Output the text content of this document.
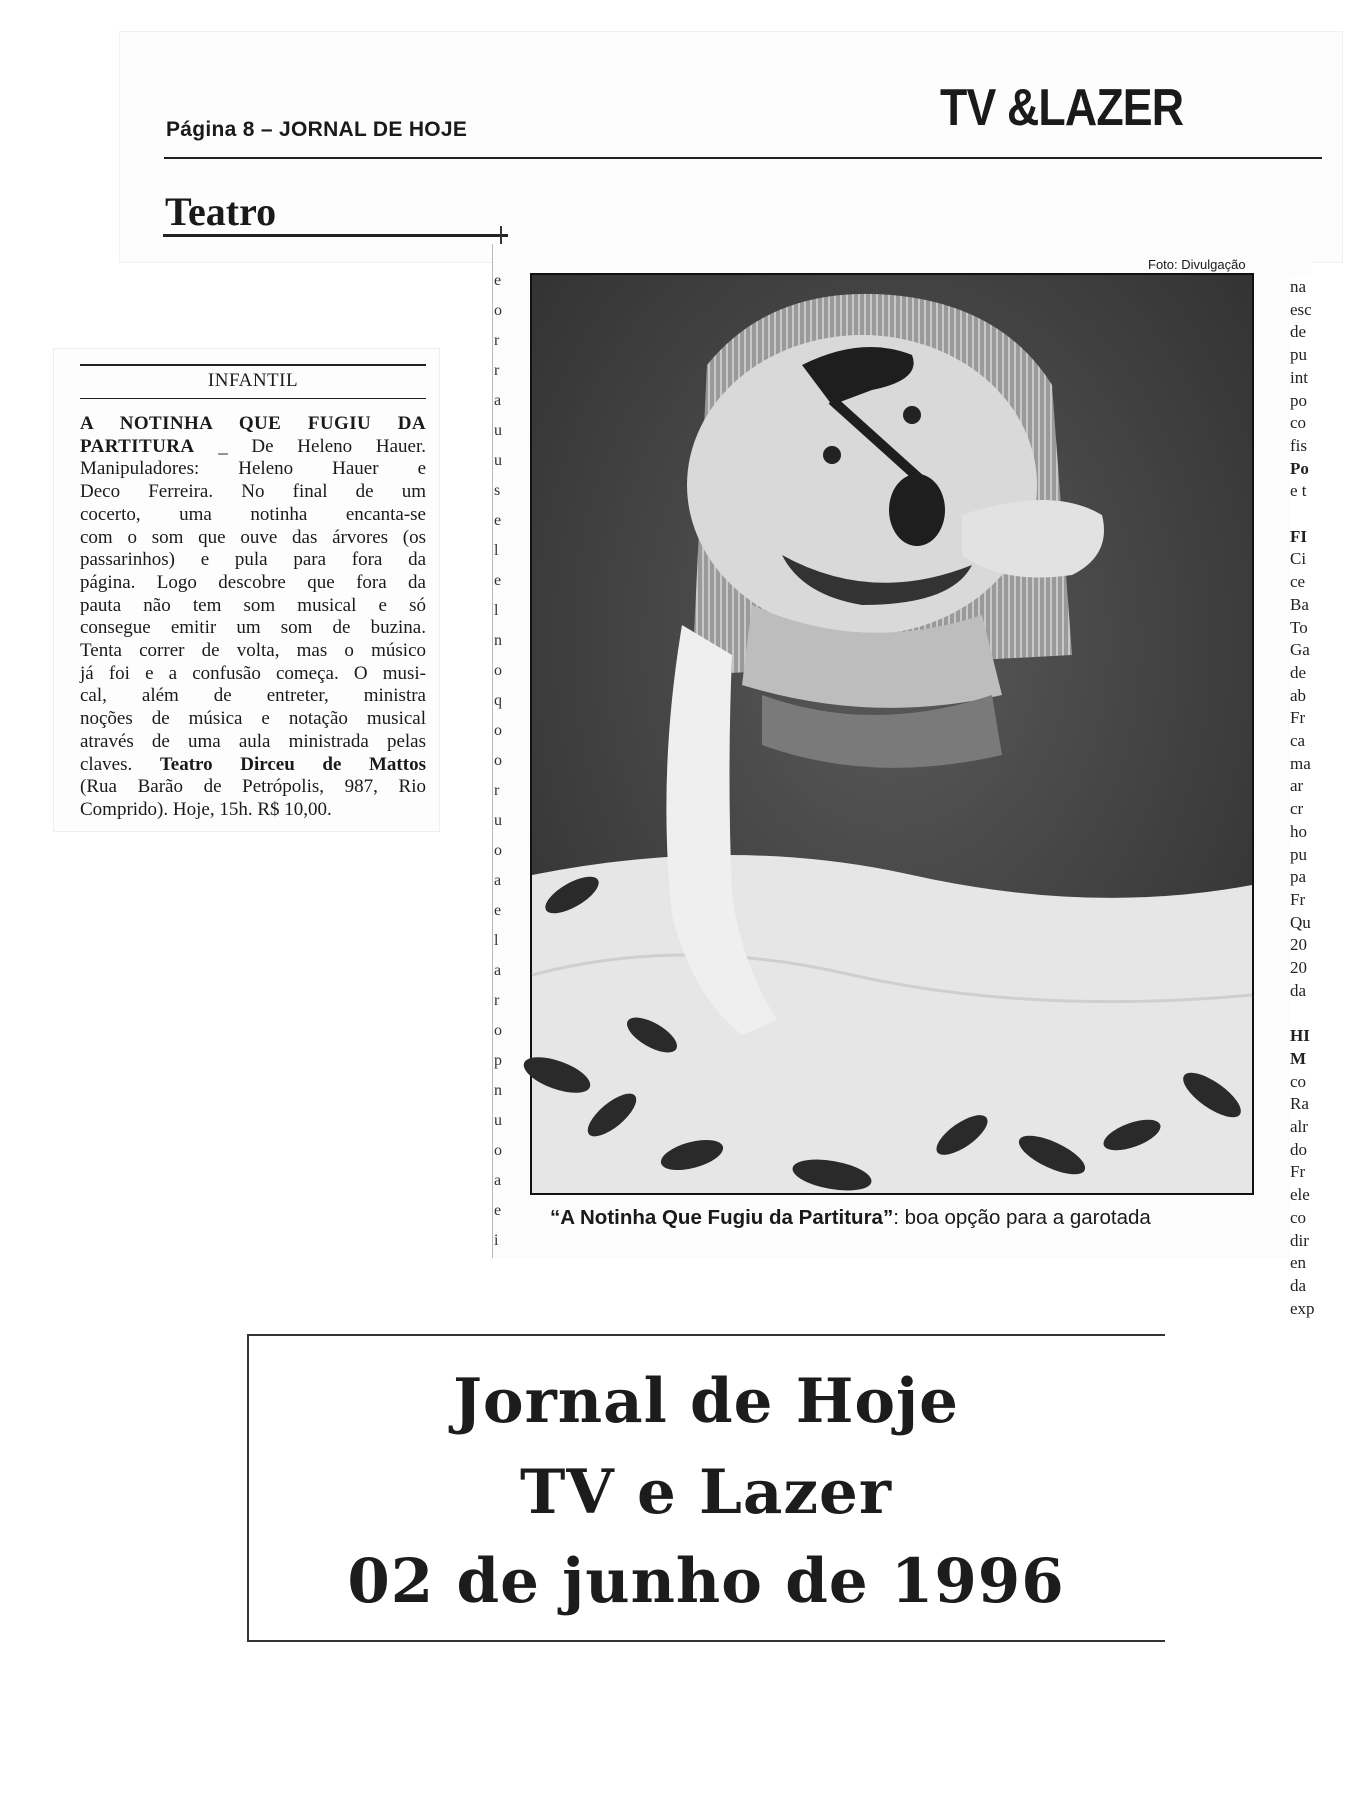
Página 8 – JORNAL DE HOJE	TV &LAZER
Teatro
e
o
r
r
a
u
u
s
e
l
e
l
n
o
q
o
o
r
u
o
a
e
l
a
r
o
p
n
u
o
a
e
i
Foto: Divulgação
“A Notinha Que Fugiu da Partitura”: boa opção para a garotada
na
esc
de
pu
int
po
co
fis
Po
e t

FI
Ci
ce
Ba
To
Ga
de
ab
Fr
ca
ma
ar
cr
ho
pu
pa
Fr
Qu
20
20
da

HI
M
co
Ra
alr
do
Fr
ele
co
dir
en
da
exp
INFANTIL
A NOTINHA QUE FUGIU DA
PARTITURA _ De Heleno Hauer.
Manipuladores: Heleno Hauer e
Deco Ferreira. No final de um
cocerto, uma notinha encanta-se
com o som que ouve das árvores (os
passarinhos) e pula para fora da
página. Logo descobre que fora da
pauta não tem som musical e só
consegue emitir um som de buzina.
Tenta correr de volta, mas o músico
já foi e a confusão começa. O musi-
cal, além de entreter, ministra
noções de música e notação musical
através de uma aula ministrada pelas
claves. Teatro Dirceu de Mattos
(Rua Barão de Petrópolis, 987, Rio
Comprido). Hoje, 15h. R$ 10,00.
Jornal de Hoje
TV e Lazer
02 de junho de 1996
